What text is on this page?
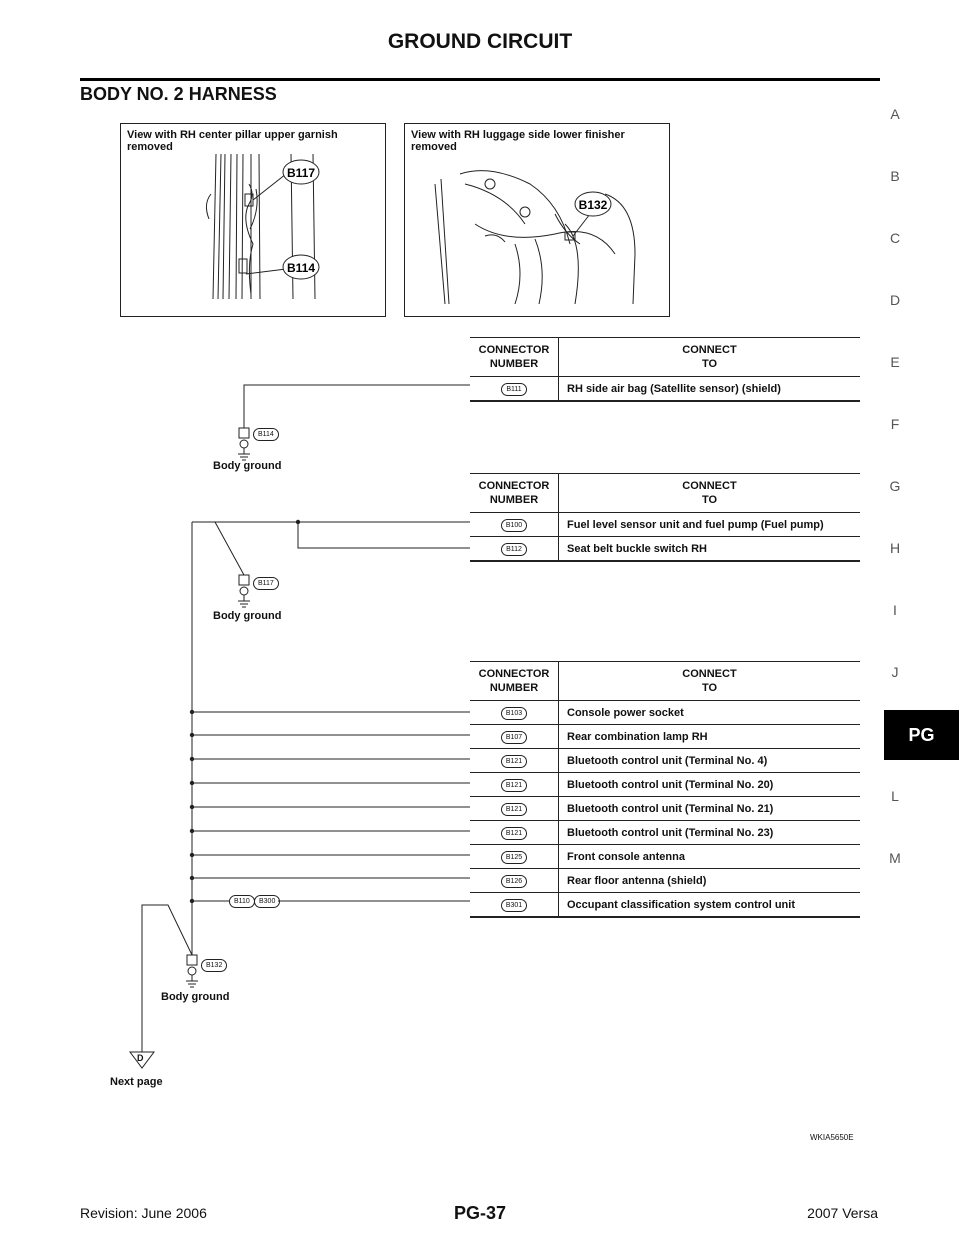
GROUND CIRCUIT
BODY NO. 2 HARNESS
A
B
C
D
E
F
G
H
I
J
PG
L
M
View with RH center pillar upper garnish removed
B117
B114
View with RH luggage side lower finisher removed
B132
B114
Body ground
B117
Body ground
B132
Body ground
B110	B300
D
Next page
CONNECTOR
NUMBER	CONNECT
TO
B111	RH side air bag (Satellite sensor) (shield)
CONNECTOR
NUMBER	CONNECT
TO
B100	Fuel level sensor unit and fuel pump (Fuel pump)
B112	Seat belt buckle switch RH
CONNECTOR
NUMBER	CONNECT
TO
B103	Console power socket
B107	Rear combination lamp RH
B121	Bluetooth control unit (Terminal No. 4)
B121	Bluetooth control unit (Terminal No. 20)
B121	Bluetooth control unit (Terminal No. 21)
B121	Bluetooth control unit (Terminal No. 23)
B125	Front console antenna
B126	Rear floor antenna (shield)
B301	Occupant classification system control unit
WKIA5650E
Revision: June 2006	PG-37	2007 Versa
